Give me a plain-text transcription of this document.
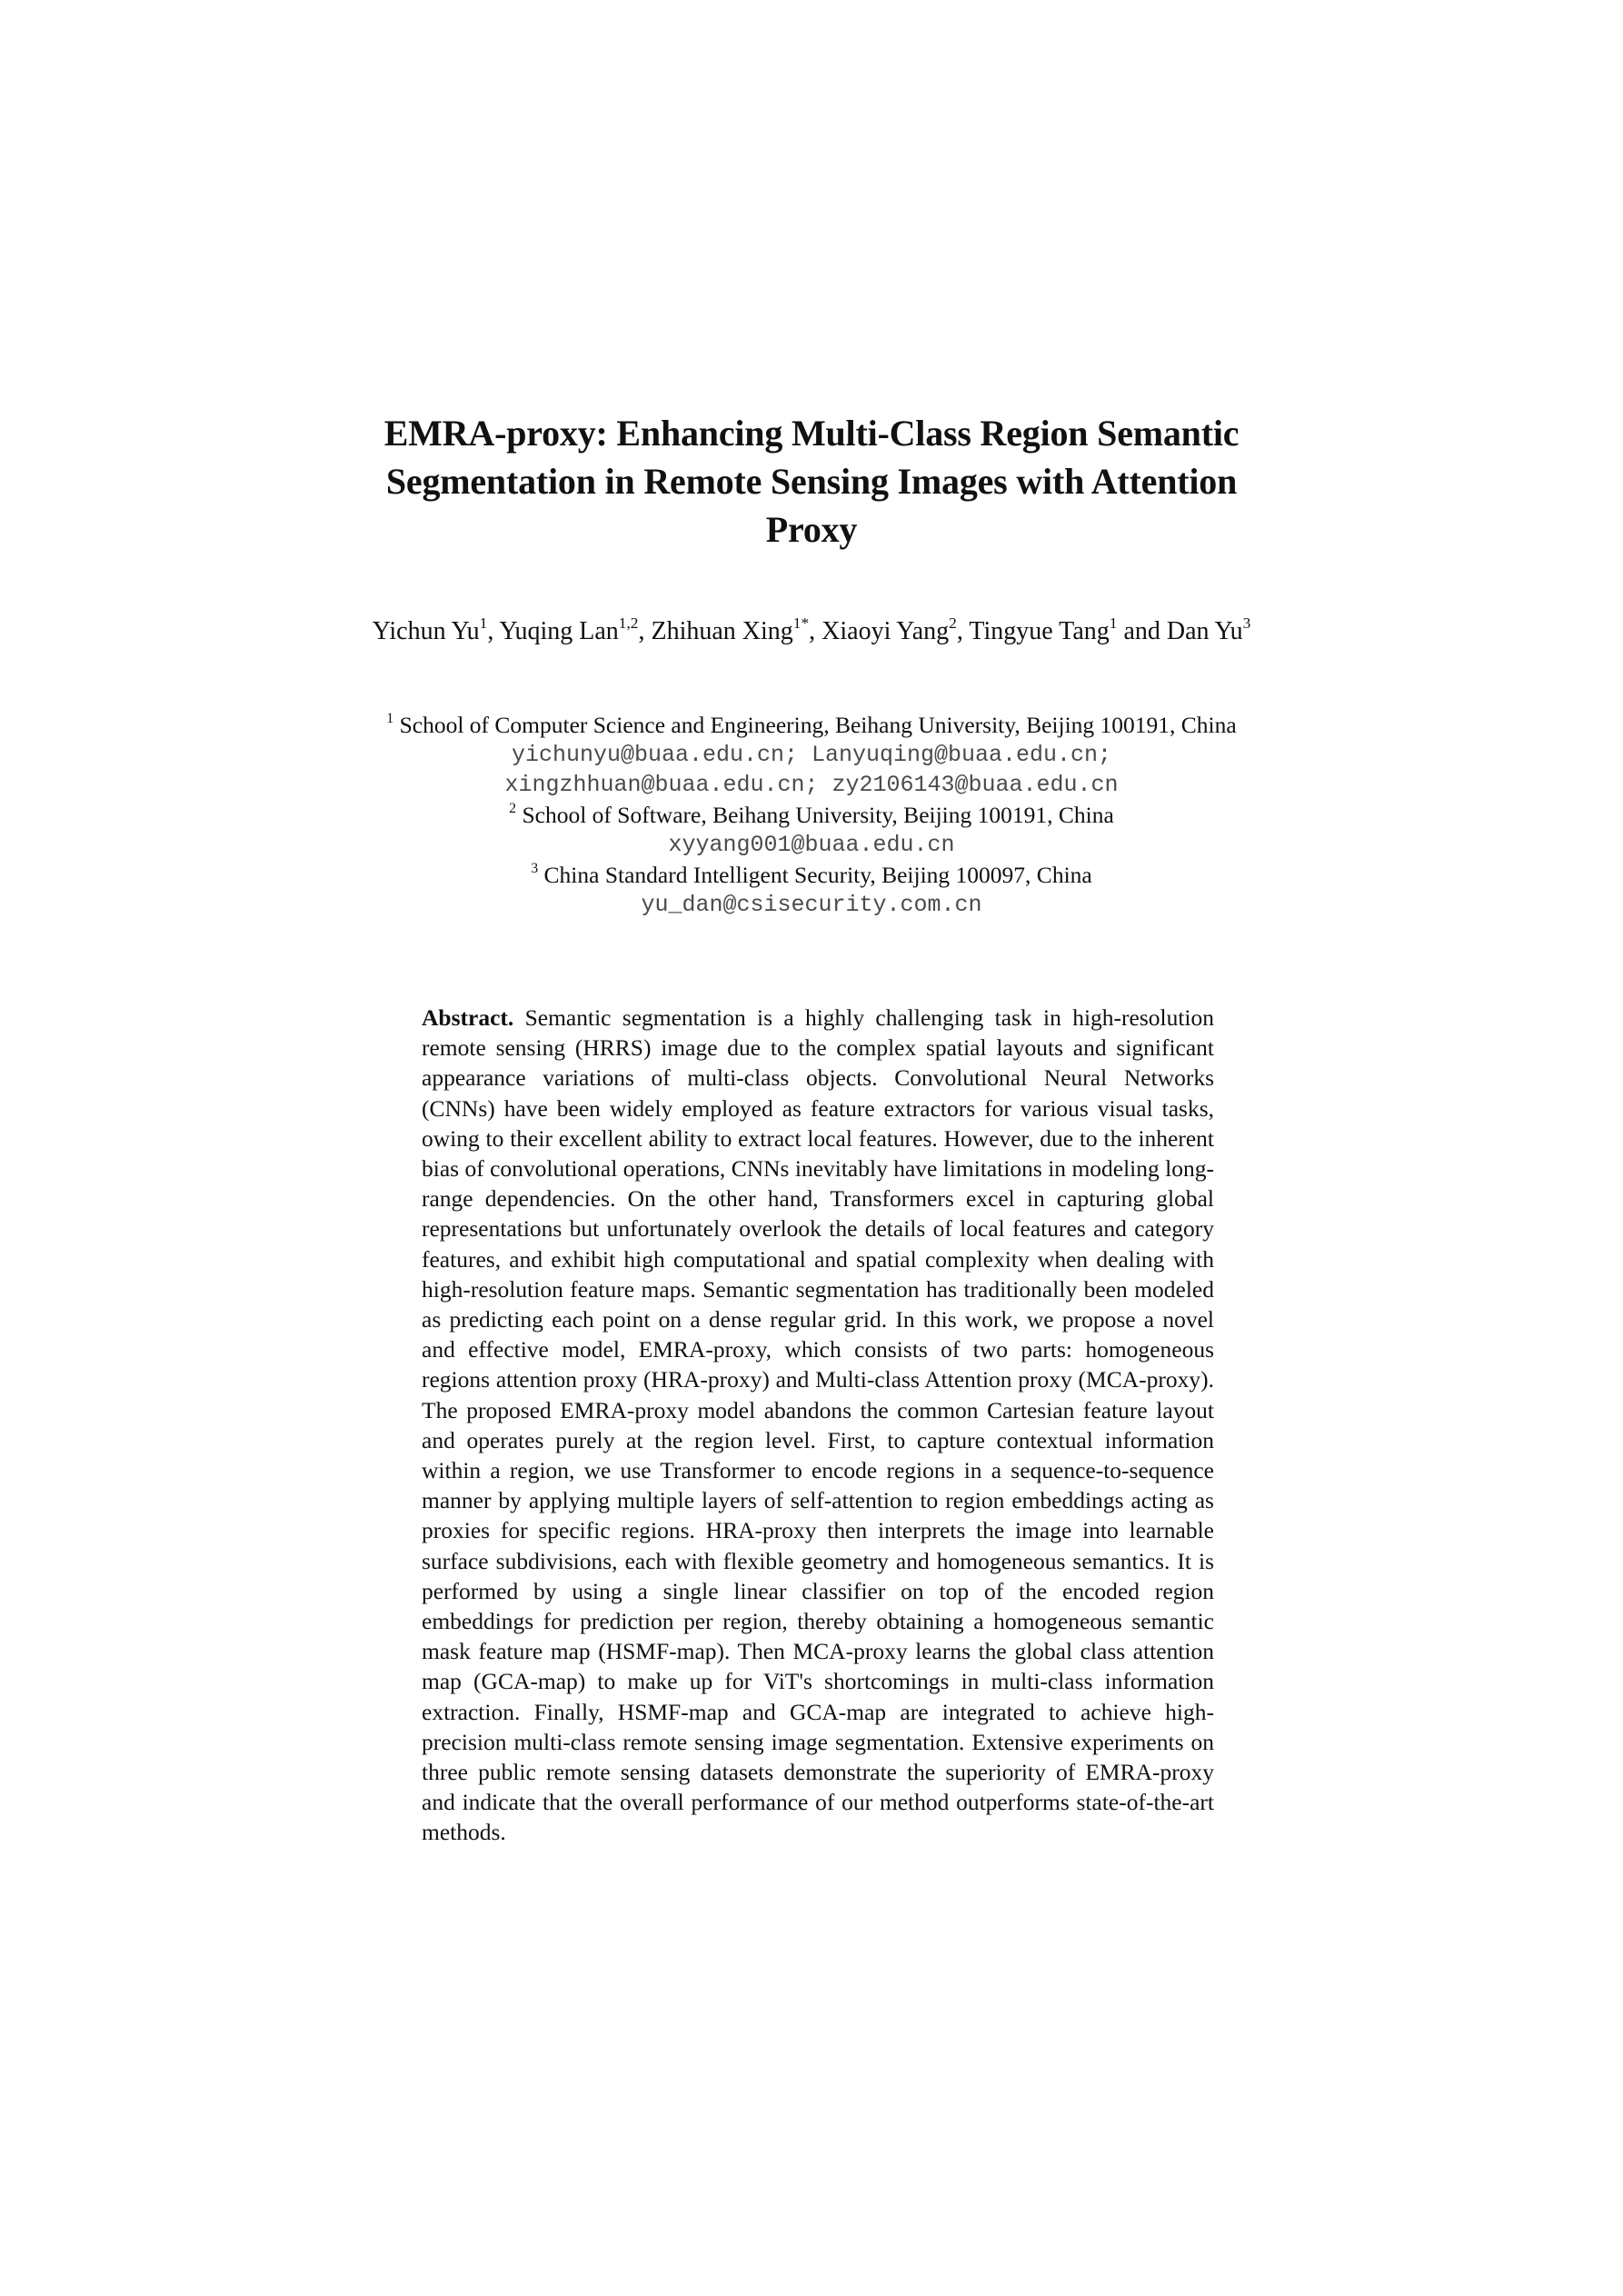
EMRA-proxy: Enhancing Multi-Class Region Semantic Segmentation in Remote Sensing Images with Attention Proxy
Yichun Yu$^1$, Yuqing Lan$^{1,2}$, Zhihuan Xing$^{1*}$, Xiaoyi Yang$^2$, Tingyue Tang$^1$ and Dan Yu$^3$
$^1$ School of Computer Science and Engineering, Beihang University, Beijing 100191, China
yichunyu@buaa.edu.cn; Lanyuqing@buaa.edu.cn;
xingzhhuan@buaa.edu.cn; zy2106143@buaa.edu.cn
$^2$ School of Software, Beihang University, Beijing 100191, China
xyyang001@buaa.edu.cn
$^3$ China Standard Intelligent Security, Beijing 100097, China
yu_dan@csisecurity.com.cn

Abstract. Semantic segmentation is a highly challenging task in high-resolution remote sensing (HRRS) image due to the complex spatial layouts and significant appearance variations of multi-class objects. Convolutional Neural Networks (CNNs) have been widely employed as feature extractors for various visual tasks, owing to their excellent ability to extract local features. However, due to the inherent bias of convolutional operations, CNNs inevitably have limitations in modeling long-range dependencies. On the other hand, Transformers excel in capturing global representations but unfortunately overlook the details of local features and category features, and exhibit high computational and spatial complexity when dealing with high-resolution feature maps. Semantic segmentation has traditionally been modeled as predicting each point on a dense regular grid. In this work, we propose a novel and effective model, EMRA-proxy, which consists of two parts: homogeneous regions attention proxy (HRA-proxy) and Multi-class Attention proxy (MCA-proxy). The proposed EMRA-proxy model abandons the common Cartesian feature layout and operates purely at the region level. First, to capture contextual information within a region, we use Transformer to encode regions in a sequence-to-sequence manner by applying multiple layers of self-attention to region embeddings acting as proxies for specific regions. HRA-proxy then interprets the image into learnable surface subdivisions, each with flexible geometry and homogeneous semantics. It is performed by using a single linear classifier on top of the encoded region embeddings for prediction per region, thereby obtaining a homogeneous semantic mask feature map (HSMF-map). Then MCA-proxy learns the global class attention map (GCA-map) to make up for ViT's shortcomings in multi-class information extraction. Finally, HSMF-map and GCA-map are integrated to achieve high-precision multi-class remote sensing image segmentation. Extensive experiments on three public remote sensing datasets demonstrate the superiority of EMRA-proxy and indicate that the overall performance of our method outperforms state-of-the-art methods.
